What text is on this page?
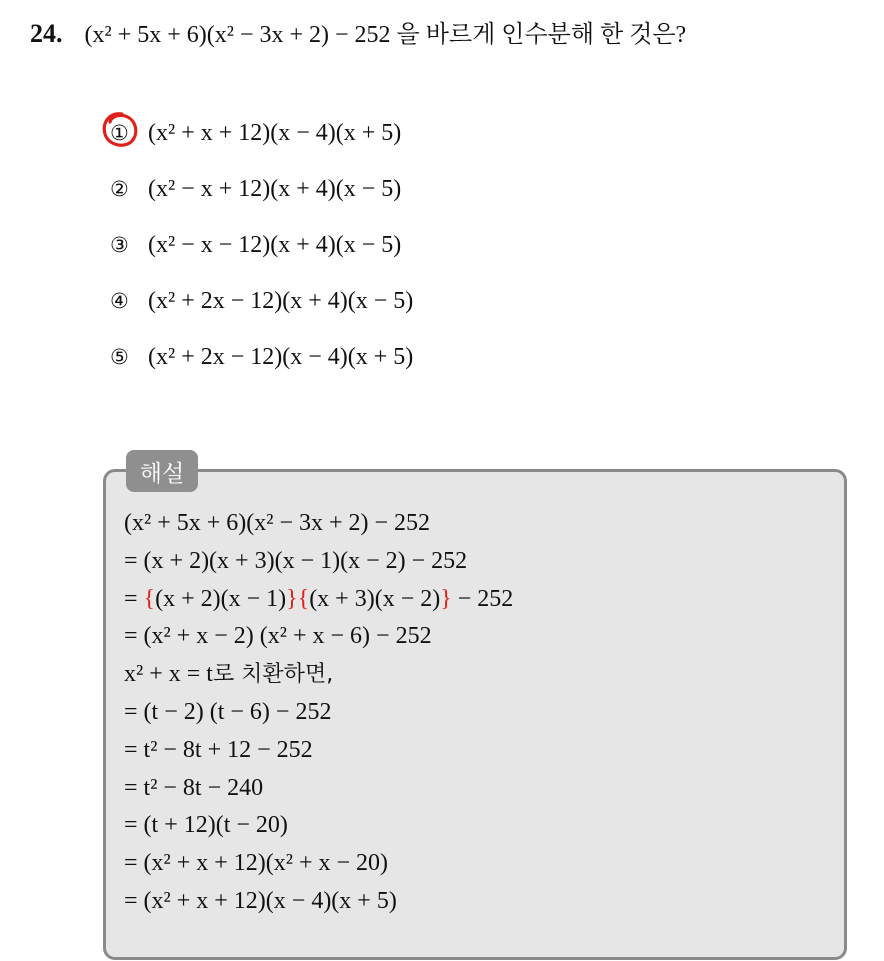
24. (x² + 5x + 6)(x² − 3x + 2) − 252 을 바르게 인수분해 한 것은?
① (x² + x + 12)(x − 4)(x + 5)
② (x² − x + 12)(x + 4)(x − 5)
③ (x² − x − 12)(x + 4)(x − 5)
④ (x² + 2x − 12)(x + 4)(x − 5)
⑤ (x² + 2x − 12)(x − 4)(x + 5)
해설
(x² + 5x + 6)(x² − 3x + 2) − 252
= (x + 2)(x + 3)(x − 1)(x − 2) − 252
= {(x + 2)(x − 1)}{(x + 3)(x − 2)} − 252
= (x² + x − 2) (x² + x − 6) − 252
x² + x = t로 치환하면,
= (t − 2) (t − 6) − 252
= t² − 8t + 12 − 252
= t² − 8t − 240
= (t + 12)(t − 20)
= (x² + x + 12)(x² + x − 20)
= (x² + x + 12)(x − 4)(x + 5)
